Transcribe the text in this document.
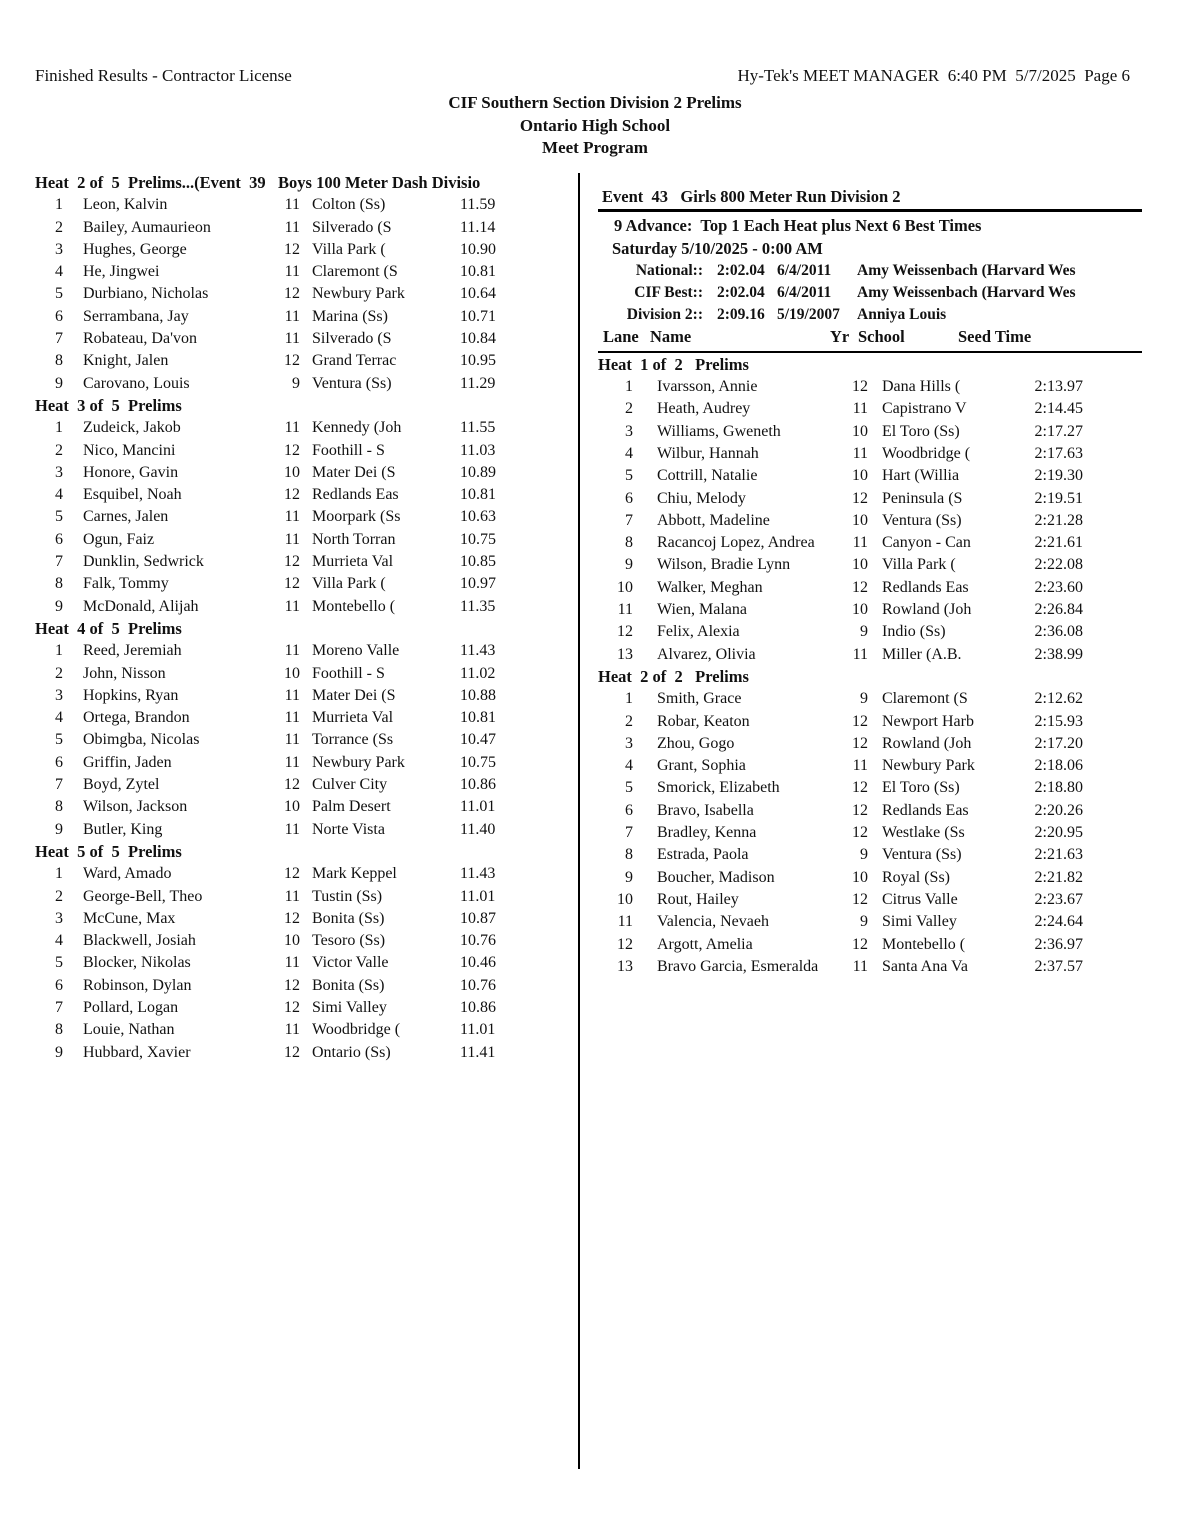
Finished Results - Contractor License	Hy-Tek's MEET MANAGER  6:40 PM  5/7/2025  Page 6
CIF Southern Section Division 2 Prelims
Ontario High School
Meet Program
Heat  2 of  5  Prelims...(Event  39   Boys 100 Meter Dash Divisio
1	Leon, Kalvin	11 Colton (Ss)	11.59
2	Bailey, Aumaurieon	11 Silverado (S	11.14
3	Hughes, George	12 Villa Park (	10.90
4	He, Jingwei	11 Claremont (S	10.81
5	Durbiano, Nicholas	12 Newbury Park	10.64
6	Serrambana, Jay	11 Marina (Ss)	10.71
7	Robateau, Da'von	11 Silverado (S	10.84
8	Knight, Jalen	12 Grand Terrac	10.95
9	Carovano, Louis	9 Ventura (Ss)	11.29
Heat  3 of  5  Prelims
1	Zudeick, Jakob	11 Kennedy (Joh	11.55
2	Nico, Mancini	12 Foothill - S	11.03
3	Honore, Gavin	10 Mater Dei (S	10.89
4	Esquibel, Noah	12 Redlands Eas	10.81
5	Carnes, Jalen	11 Moorpark (Ss	10.63
6	Ogun, Faiz	11 North Torran	10.75
7	Dunklin, Sedwrick	12 Murrieta Val	10.85
8	Falk, Tommy	12 Villa Park (	10.97
9	McDonald, Alijah	11 Montebello (	11.35
Heat  4 of  5  Prelims
1	Reed, Jeremiah	11 Moreno Valle	11.43
2	John, Nisson	10 Foothill - S	11.02
3	Hopkins, Ryan	11 Mater Dei (S	10.88
4	Ortega, Brandon	11 Murrieta Val	10.81
5	Obimgba, Nicolas	11 Torrance (Ss	10.47
6	Griffin, Jaden	11 Newbury Park	10.75
7	Boyd, Zytel	12 Culver City	10.86
8	Wilson, Jackson	10 Palm Desert	11.01
9	Butler, King	11 Norte Vista	11.40
Heat  5 of  5  Prelims
1	Ward, Amado	12 Mark Keppel	11.43
2	George-Bell, Theo	11 Tustin (Ss)	11.01
3	McCune, Max	12 Bonita (Ss)	10.87
4	Blackwell, Josiah	10 Tesoro (Ss)	10.76
5	Blocker, Nikolas	11 Victor Valle	10.46
6	Robinson, Dylan	12 Bonita (Ss)	10.76
7	Pollard, Logan	12 Simi Valley	10.86
8	Louie, Nathan	11 Woodbridge (	11.01
9	Hubbard, Xavier	12 Ontario (Ss)	11.41
Event  43   Girls 800 Meter Run Division 2
9 Advance:  Top 1 Each Heat plus Next 6 Best Times
Saturday 5/10/2025 - 0:00 AM
National:: 2:02.04 6/4/2011	Amy Weissenbach (Harvard Wes
CIF Best:: 2:02.04 6/4/2011	Amy Weissenbach (Harvard Wes
Division 2:: 2:09.16 5/19/2007	Anniya Louis
Lane Name	Yr School	Seed Time
Heat  1 of  2   Prelims
1	Ivarsson, Annie	12 Dana Hills (	2:13.97
2	Heath, Audrey	11 Capistrano V	2:14.45
3	Williams, Gweneth	10 El Toro (Ss)	2:17.27
4	Wilbur, Hannah	11 Woodbridge (	2:17.63
5	Cottrill, Natalie	10 Hart (Willia	2:19.30
6	Chiu, Melody	12 Peninsula (S	2:19.51
7	Abbott, Madeline	10 Ventura (Ss)	2:21.28
8	Racancoj Lopez, Andrea	11 Canyon - Can	2:21.61
9	Wilson, Bradie Lynn	10 Villa Park (	2:22.08
10	Walker, Meghan	12 Redlands Eas	2:23.60
11	Wien, Malana	10 Rowland (Joh	2:26.84
12	Felix, Alexia	9 Indio (Ss)	2:36.08
13	Alvarez, Olivia	11 Miller (A.B.	2:38.99
Heat  2 of  2   Prelims
1	Smith, Grace	9 Claremont (S	2:12.62
2	Robar, Keaton	12 Newport Harb	2:15.93
3	Zhou, Gogo	12 Rowland (Joh	2:17.20
4	Grant, Sophia	11 Newbury Park	2:18.06
5	Smorick, Elizabeth	12 El Toro (Ss)	2:18.80
6	Bravo, Isabella	12 Redlands Eas	2:20.26
7	Bradley, Kenna	12 Westlake (Ss	2:20.95
8	Estrada, Paola	9 Ventura (Ss)	2:21.63
9	Boucher, Madison	10 Royal (Ss)	2:21.82
10	Rout, Hailey	12 Citrus Valle	2:23.67
11	Valencia, Nevaeh	9 Simi Valley	2:24.64
12	Argott, Amelia	12 Montebello (	2:36.97
13	Bravo Garcia, Esmeralda	11 Santa Ana Va	2:37.57
